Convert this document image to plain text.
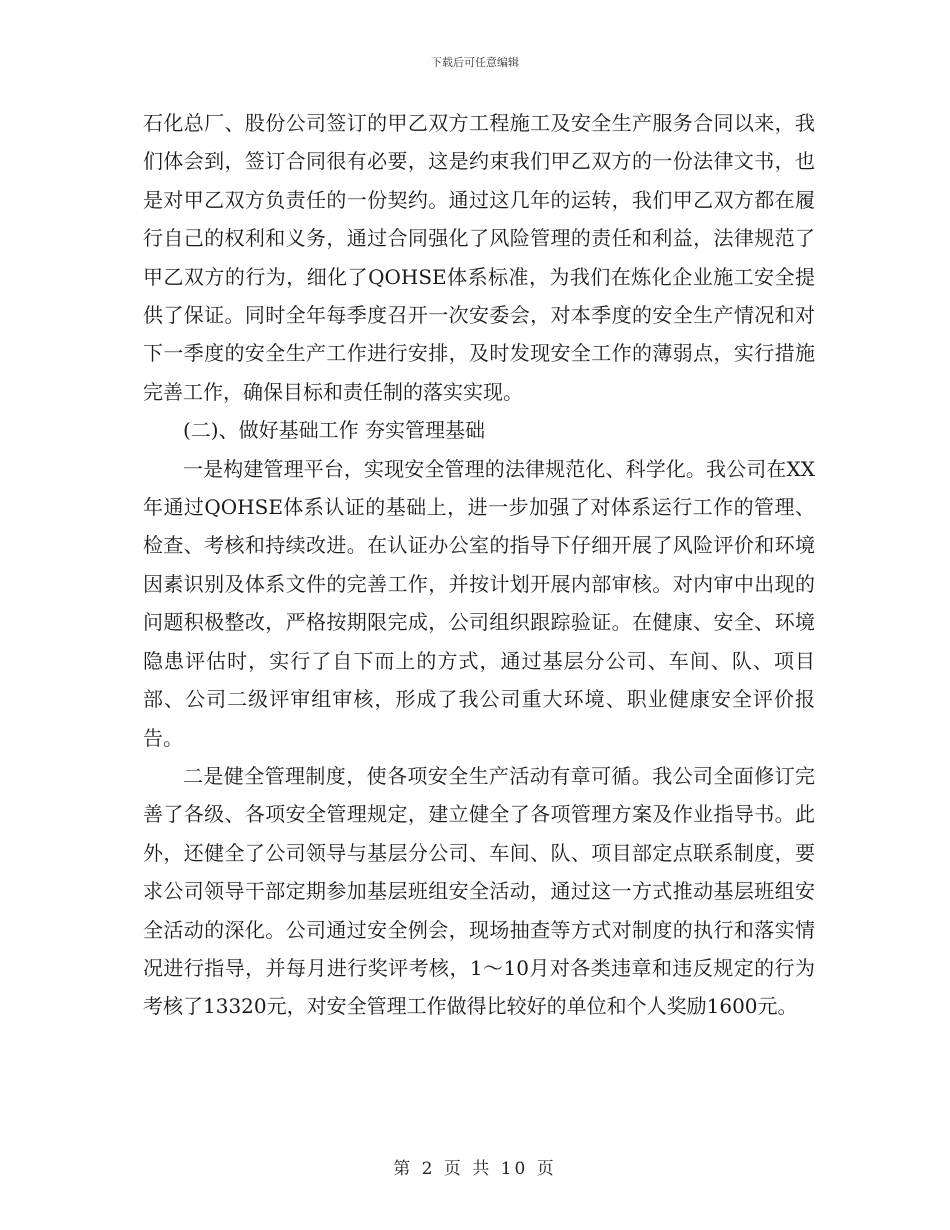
下载后可任意编辑

石化总厂、股份公司签订的甲乙双方工程施工及安全生产服务合同以来，我们体会到，签订合同很有必要，这是约束我们甲乙双方的一份法律文书，也是对甲乙双方负责任的一份契约。通过这几年的运转，我们甲乙双方都在履行自己的权利和义务，通过合同强化了风险管理的责任和利益，法律规范了甲乙双方的行为，细化了QOHSE体系标准，为我们在炼化企业施工安全提供了保证。同时全年每季度召开一次安委会，对本季度的安全生产情况和对下一季度的安全生产工作进行安排，及时发现安全工作的薄弱点，实行措施完善工作，确保目标和责任制的落实实现。

(二)、做好基础工作 夯实管理基础

一是构建管理平台，实现安全管理的法律规范化、科学化。我公司在XX年通过QOHSE体系认证的基础上，进一步加强了对体系运行工作的管理、检查、考核和持续改进。在认证办公室的指导下仔细开展了风险评价和环境因素识别及体系文件的完善工作，并按计划开展内部审核。对内审中出现的问题积极整改，严格按期限完成，公司组织跟踪验证。在健康、安全、环境隐患评估时，实行了自下而上的方式，通过基层分公司、车间、队、项目部、公司二级评审组审核，形成了我公司重大环境、职业健康安全评价报告。

二是健全管理制度，使各项安全生产活动有章可循。我公司全面修订完善了各级、各项安全管理规定，建立健全了各项管理方案及作业指导书。此外，还健全了公司领导与基层分公司、车间、队、项目部定点联系制度，要求公司领导干部定期参加基层班组安全活动，通过这一方式推动基层班组安全活动的深化。公司通过安全例会，现场抽查等方式对制度的执行和落实情况进行指导，并每月进行奖评考核，1～10月对各类违章和违反规定的行为考核了13320元，对安全管理工作做得比较好的单位和个人奖励1600元。

第 2 页 共 10 页
